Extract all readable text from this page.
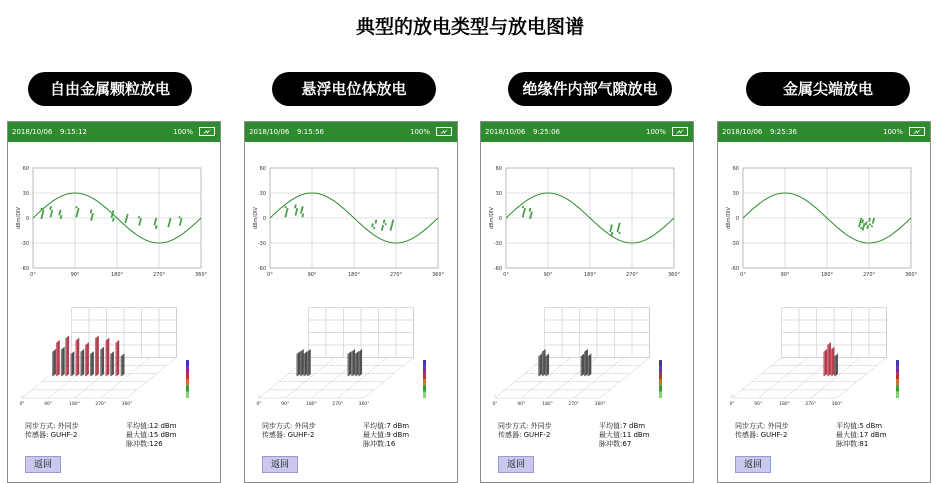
典型的放电类型与放电图谱
自由金属颗粒放电
2018/10/06 9:15:12	100%
60
30
0
-30
-60
0°	90°	180°	270°	360°
dBm/DIV
0°	90°	180°	270°	360°
同步方式: 外同步
传感器: GUHF-2
平均值:12 dBm
最大值:15 dBm
脉冲数:126
返回
悬浮电位体放电
2018/10/06 9:15:56	100%
60
30
0
-30
-60
0°	90°	180°	270°	360°
dBm/DIV
0°	90°	180°	270°	360°
同步方式: 外同步
传感器: GUHF-2
平均值:7 dBm
最大值:9 dBm
脉冲数:16
返回
绝缘件内部气隙放电
2018/10/06 9:25:06	100%
60
30
0
-30
-60
0°	90°	180°	270°	360°
dBm/DIV
0°	90°	180°	270°	360°
同步方式: 外同步
传感器: GUHF-2
平均值:7 dBm
最大值:11 dBm
脉冲数:67
返回
金属尖端放电
2018/10/06 9:25:36	100%
60
30
0
-30
-60
0°	90°	180°	270°	360°
dBm/DIV
0°	90°	180°	270°	360°
同步方式: 外同步
传感器: GUHF-2
平均值:5 dBm
最大值:17 dBm
脉冲数:81
返回
